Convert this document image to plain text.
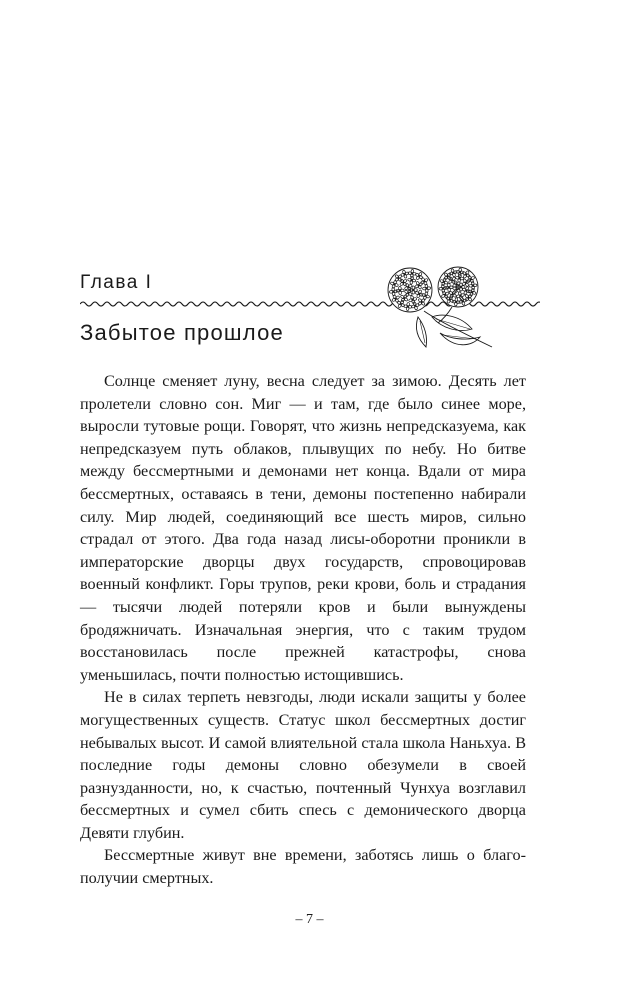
Глава I
Забытое прошлое

Солнце сменяет луну, весна следует за зимою. Десять лет пролетели словно сон. Миг — и там, где было синее море, выросли тутовые рощи. Говорят, что жизнь непредсказуема, как непредсказуем путь облаков, плывущих по небу. Но битве между бессмертными и демонами нет конца. Вдали от мира бессмертных, оставаясь в тени, демоны постепенно набирали силу. Мир людей, соединяющий все шесть миров, сильно страдал от этого. Два года назад лисы-оборотни проникли в императорские дворцы двух государств, спровоцировав военный конфликт. Горы трупов, реки крови, боль и страдания — тысячи людей потеряли кров и были вынуждены бродяжничать. Изначальная энергия, что с таким трудом восстановилась после прежней катастрофы, снова уменьшилась, почти полностью истощившись.

Не в силах терпеть невзгоды, люди искали защиты у более могущественных существ. Статус школ бессмертных достиг небывалых высот. И самой влиятельной стала школа Наньхуа. В последние годы демоны словно обезумели в своей разнузданности, но, к счастью, почтенный Чунхуа возглавил бессмертных и сумел сбить спесь с демонического дворца Девяти глубин.

Бессмертные живут вне времени, заботясь лишь о благополучии смертных.

– 7 –
